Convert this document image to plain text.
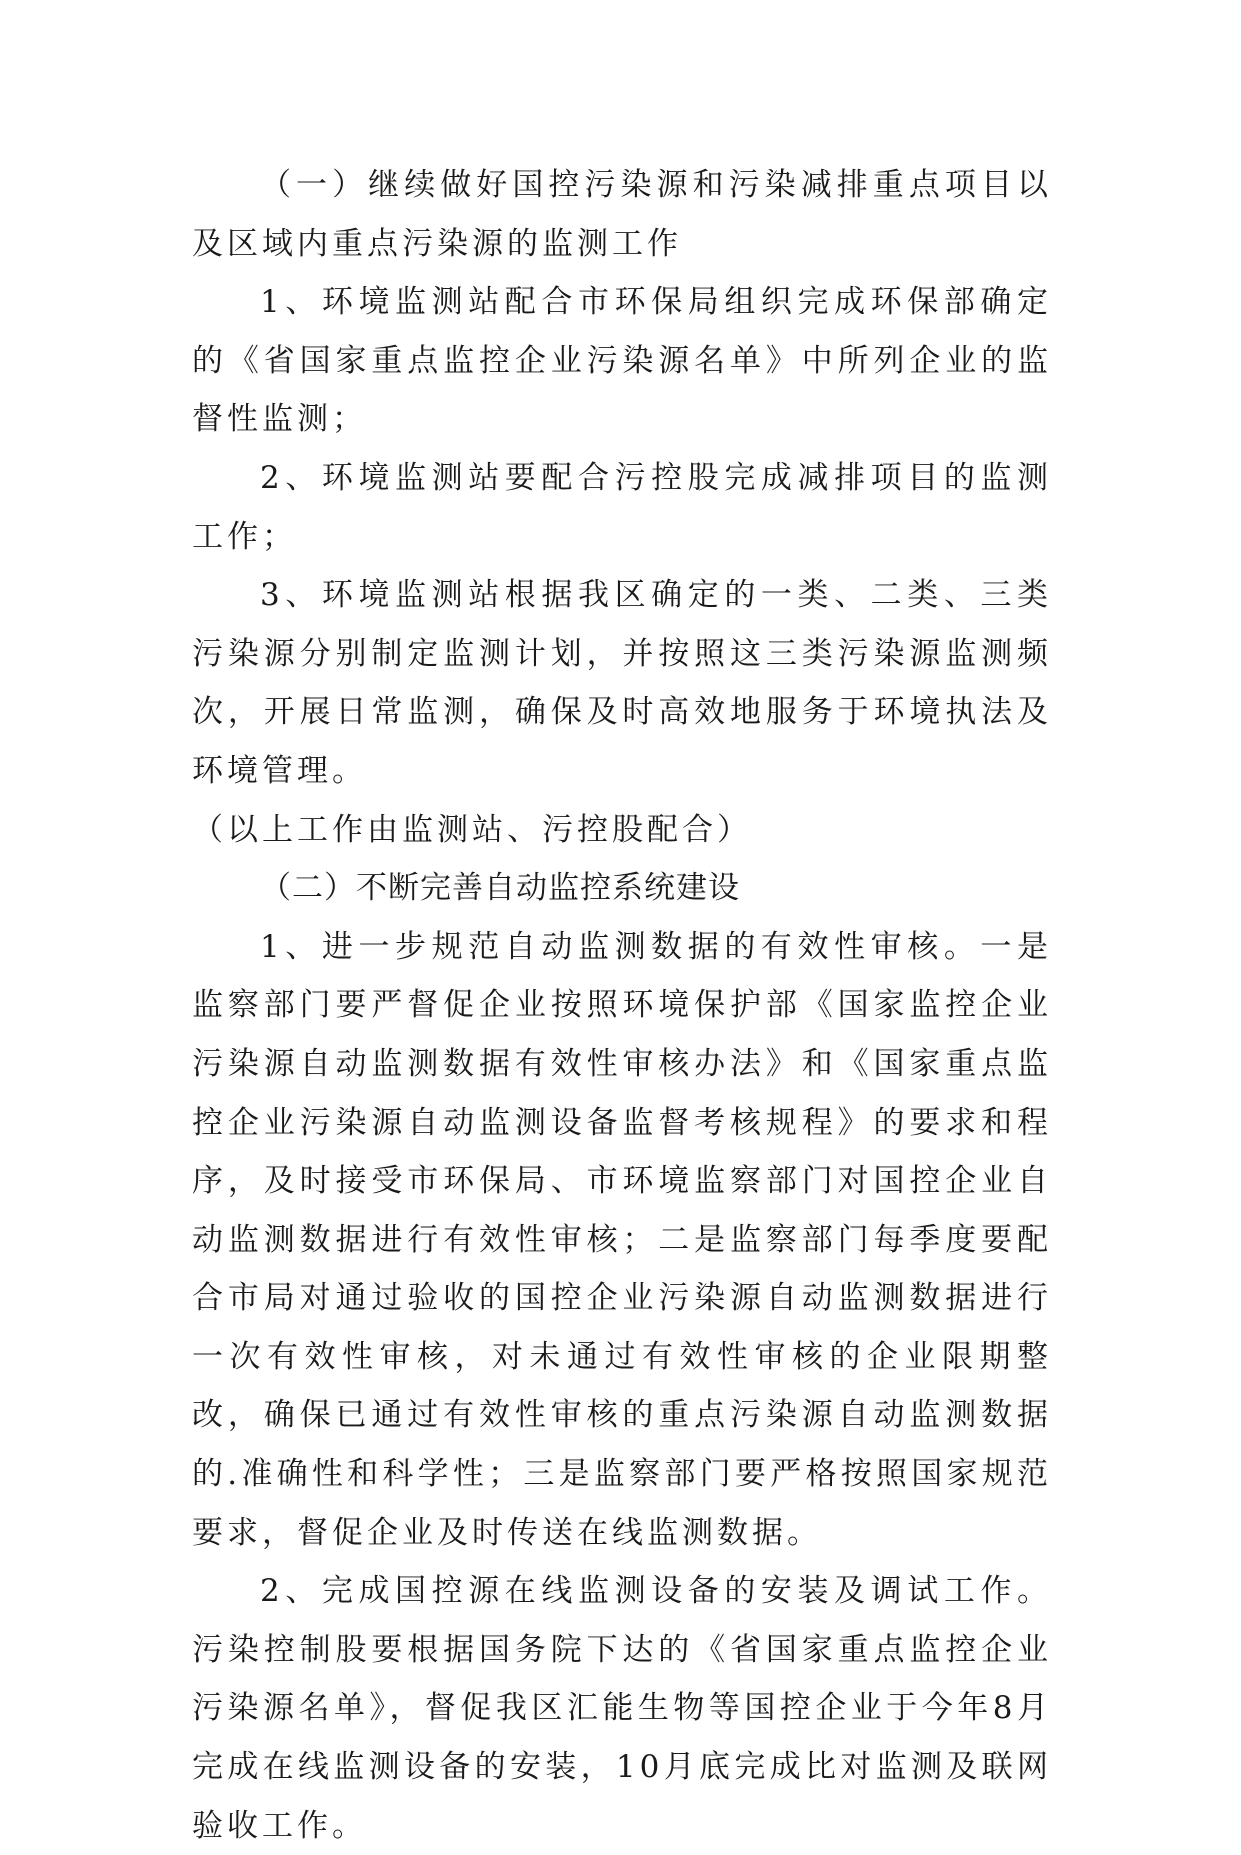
（一）继续做好国控污染源和污染减排重点项目以及区域内重点污染源的监测工作

1、环境监测站配合市环保局组织完成环保部确定的《省国家重点监控企业污染源名单》中所列企业的监督性监测；

2、环境监测站要配合污控股完成减排项目的监测工作；

3、环境监测站根据我区确定的一类、二类、三类污染源分别制定监测计划，并按照这三类污染源监测频次，开展日常监测，确保及时高效地服务于环境执法及环境管理。

（以上工作由监测站、污控股配合）

（二）不断完善自动监控系统建设

1、进一步规范自动监测数据的有效性审核。一是监察部门要严督促企业按照环境保护部《国家监控企业污染源自动监测数据有效性审核办法》和《国家重点监控企业污染源自动监测设备监督考核规程》的要求和程序，及时接受市环保局、市环境监察部门对国控企业自动监测数据进行有效性审核；二是监察部门每季度要配合市局对通过验收的国控企业污染源自动监测数据进行一次有效性审核，对未通过有效性审核的企业限期整改，确保已通过有效性审核的重点污染源自动监测数据的.准确性和科学性；三是监察部门要严格按照国家规范要求，督促企业及时传送在线监测数据。

2、完成国控源在线监测设备的安装及调试工作。污染控制股要根据国务院下达的《省国家重点监控企业污染源名单》，督促我区汇能生物等国控企业于今年8月完成在线监测设备的安装，10月底完成比对监测及联网验收工作。
